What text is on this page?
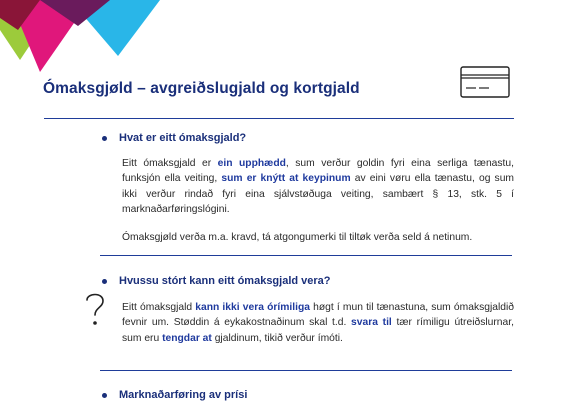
Ómaksgjøld – avgreiðslugjald og kortgjald
Hvat er eitt ómaksgjald?
Eitt ómaksgjald er ein upphædd, sum verður goldin fyri eina serliga tænastu, funksjón ella veiting, sum er knýtt at keypinum av eini vøru ella tænastu, og sum ikki verður rindað fyri eina sjálvstøðuga veiting, sambært § 13, stk. 5 í marknaðarføringslógini.
Ómaksgjøld verða m.a. kravd, tá atgongumerki til tiltøk verða seld á netinum.
Hvussu stórt kann eitt ómaksgjald vera?
Eitt ómaksgjald kann ikki vera órímiliga høgt í mun til tænastuna, sum ómaksgjaldið fevnir um. Støddin á eykakostnaðinum skal t.d. svara til tær rímiligu útreiðslurnar, sum eru tengdar at gjaldinum, tikið verður ímóti.
Marknaðarføring av prísi
